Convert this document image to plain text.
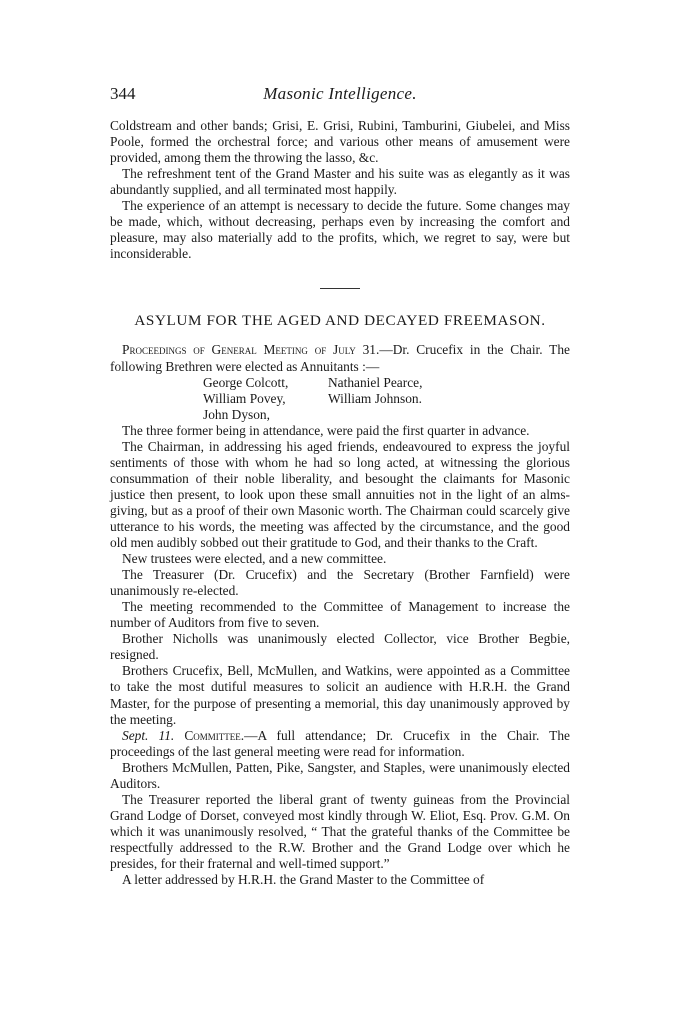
344	Masonic Intelligence.

Coldstream and other bands; Grisi, E. Grisi, Rubini, Tamburini, Giubelei, and Miss Poole, formed the orchestral force; and various other means of amusement were provided, among them the throwing the lasso, &c.

The refreshment tent of the Grand Master and his suite was as elegantly as it was abundantly supplied, and all terminated most happily.

The experience of an attempt is necessary to decide the future. Some changes may be made, which, without decreasing, perhaps even by increasing the comfort and pleasure, may also materially add to the profits, which, we regret to say, were but inconsiderable.

ASYLUM FOR THE AGED AND DECAYED FREEMASON.

Proceedings of General Meeting of July 31.—Dr. Crucefix in the Chair. The following Brethren were elected as Annuitants :—

George Colcott,	Nathaniel Pearce,
William Povey,	William Johnson.
John Dyson,

The three former being in attendance, were paid the first quarter in advance.

The Chairman, in addressing his aged friends, endeavoured to express the joyful sentiments of those with whom he had so long acted, at witnessing the glorious consummation of their noble liberality, and besought the claimants for Masonic justice then present, to look upon these small annuities not in the light of an alms-giving, but as a proof of their own Masonic worth. The Chairman could scarcely give utterance to his words, the meeting was affected by the circumstance, and the good old men audibly sobbed out their gratitude to God, and their thanks to the Craft.

New trustees were elected, and a new committee.

The Treasurer (Dr. Crucefix) and the Secretary (Brother Farnfield) were unanimously re-elected.

The meeting recommended to the Committee of Management to increase the number of Auditors from five to seven.

Brother Nicholls was unanimously elected Collector, vice Brother Begbie, resigned.

Brothers Crucefix, Bell, McMullen, and Watkins, were appointed as a Committee to take the most dutiful measures to solicit an audience with H.R.H. the Grand Master, for the purpose of presenting a memorial, this day unanimously approved by the meeting.

Sept. 11. Committee.—A full attendance; Dr. Crucefix in the Chair. The proceedings of the last general meeting were read for information.

Brothers McMullen, Patten, Pike, Sangster, and Staples, were unanimously elected Auditors.

The Treasurer reported the liberal grant of twenty guineas from the Provincial Grand Lodge of Dorset, conveyed most kindly through W. Eliot, Esq. Prov. G.M. On which it was unanimously resolved, “ That the grateful thanks of the Committee be respectfully addressed to the R.W. Brother and the Grand Lodge over which he presides, for their fraternal and well-timed support.”

A letter addressed by H.R.H. the Grand Master to the Committee of
